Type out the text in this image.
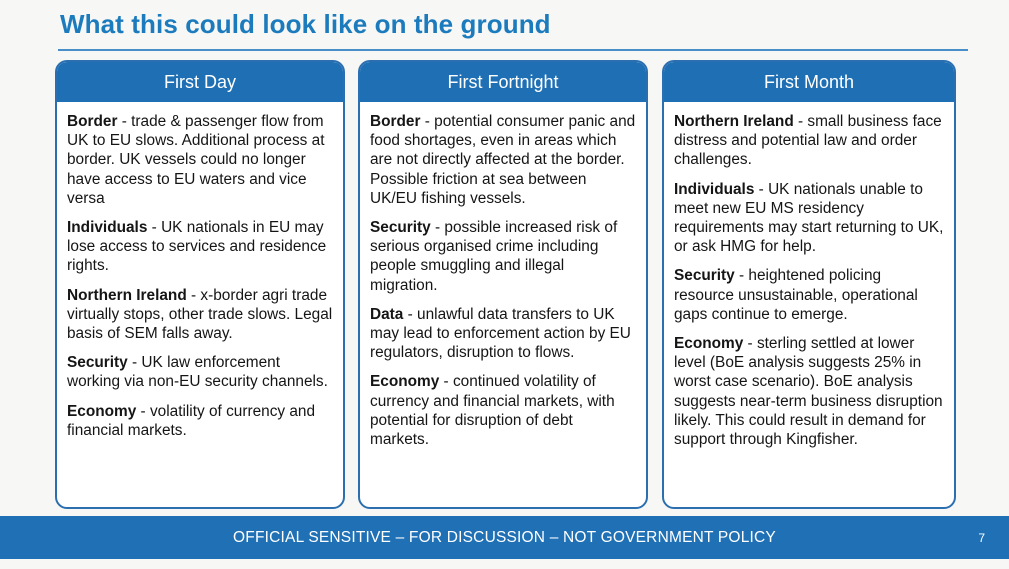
What this could look like on the ground
First Day
Border - trade & passenger flow from UK to EU slows. Additional process at border. UK vessels could no longer have access to EU waters and vice versa
Individuals - UK nationals in EU may lose access to services and residence rights.
Northern Ireland - x-border agri trade virtually stops, other trade slows. Legal basis of SEM falls away.
Security - UK law enforcement working via non-EU security channels.
Economy - volatility of currency and financial markets.
First Fortnight
Border - potential consumer panic and food shortages, even in areas which are not directly affected at the border. Possible friction at sea between UK/EU fishing vessels.
Security - possible increased risk of serious organised crime including people smuggling and illegal migration.
Data - unlawful data transfers to UK may lead to enforcement action by EU regulators, disruption to flows.
Economy - continued volatility of currency and financial markets, with potential for disruption of debt markets.
First Month
Northern Ireland - small business face distress and potential law and order challenges.
Individuals - UK nationals unable to meet new EU MS residency requirements may start returning to UK, or ask HMG for help.
Security - heightened policing resource unsustainable, operational gaps continue to emerge.
Economy - sterling settled at lower level (BoE analysis suggests 25% in worst case scenario). BoE analysis suggests near-term business disruption likely. This could result in demand for support through Kingfisher.
OFFICIAL SENSITIVE – FOR DISCUSSION – NOT GOVERNMENT POLICY	7
